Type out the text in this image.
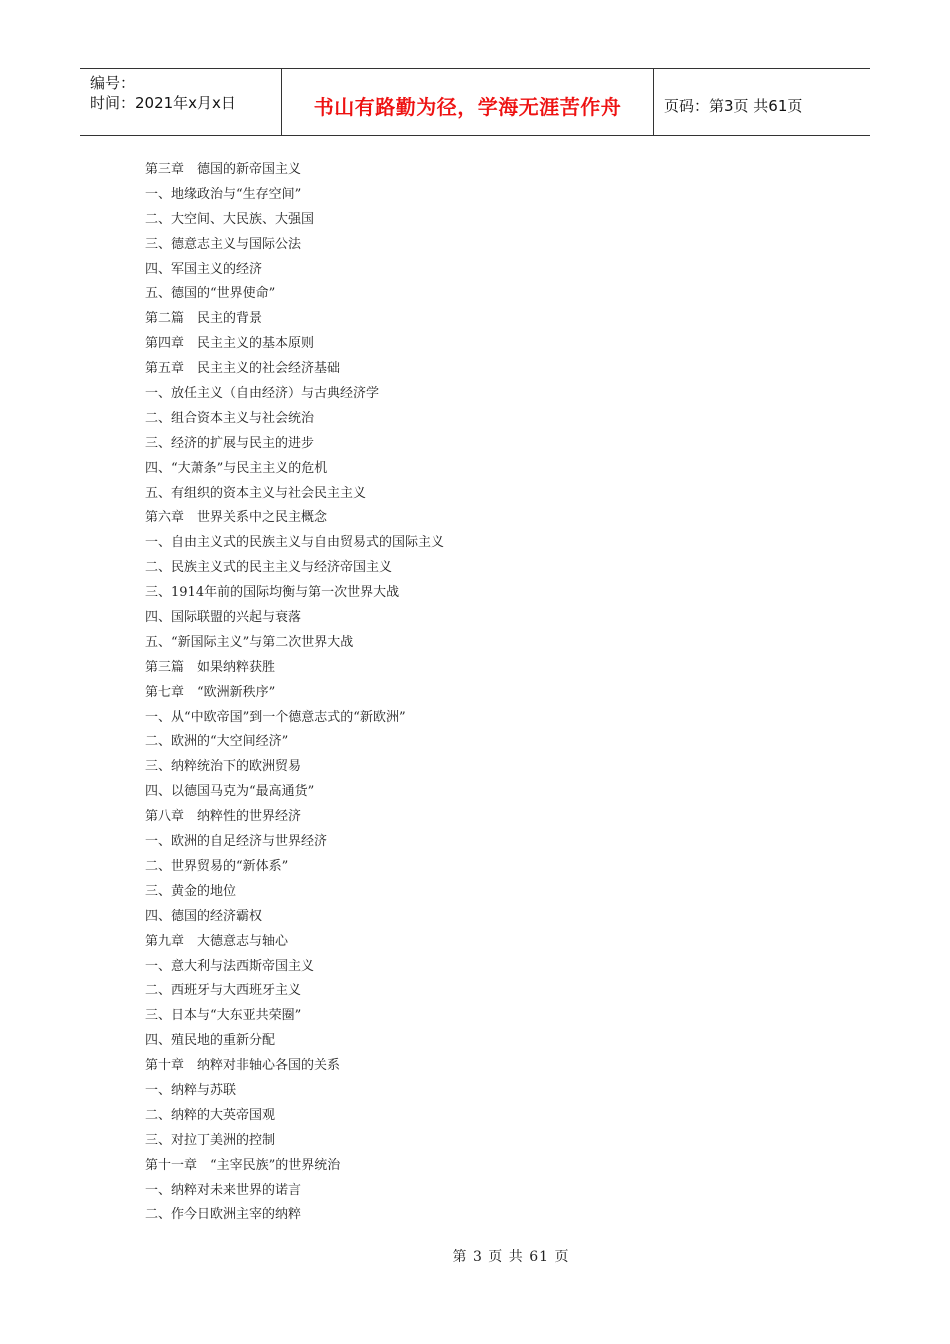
编号：
时间：2021年x月x日	书山有路勤为径，学海无涯苦作舟	页码：第3页 共61页
第三章　德国的新帝国主义
一、地缘政治与“生存空间”
二、大空间、大民族、大强国
三、德意志主义与国际公法
四、军国主义的经济
五、德国的“世界使命”
第二篇　民主的背景
第四章　民主主义的基本原则
第五章　民主主义的社会经济基础
一、放任主义（自由经济）与古典经济学
二、组合资本主义与社会统治
三、经济的扩展与民主的进步
四、“大萧条”与民主主义的危机
五、有组织的资本主义与社会民主主义
第六章　世界关系中之民主概念
一、自由主义式的民族主义与自由贸易式的国际主义
二、民族主义式的民主主义与经济帝国主义
三、1914年前的国际均衡与第一次世界大战
四、国际联盟的兴起与衰落
五、“新国际主义”与第二次世界大战
第三篇　如果纳粹获胜
第七章　“欧洲新秩序”
一、从“中欧帝国”到一个德意志式的“新欧洲”
二、欧洲的“大空间经济”
三、纳粹统治下的欧洲贸易
四、以德国马克为“最高通货”
第八章　纳粹性的世界经济
一、欧洲的自足经济与世界经济
二、世界贸易的“新体系”
三、黄金的地位
四、德国的经济霸权
第九章　大德意志与轴心
一、意大利与法西斯帝国主义
二、西班牙与大西班牙主义
三、日本与“大东亚共荣圈”
四、殖民地的重新分配
第十章　纳粹对非轴心各国的关系
一、纳粹与苏联
二、纳粹的大英帝国观
三、对拉丁美洲的控制
第十一章　“主宰民族”的世界统治
一、纳粹对未来世界的诺言
二、作今日欧洲主宰的纳粹
第 3 页 共 61 页
